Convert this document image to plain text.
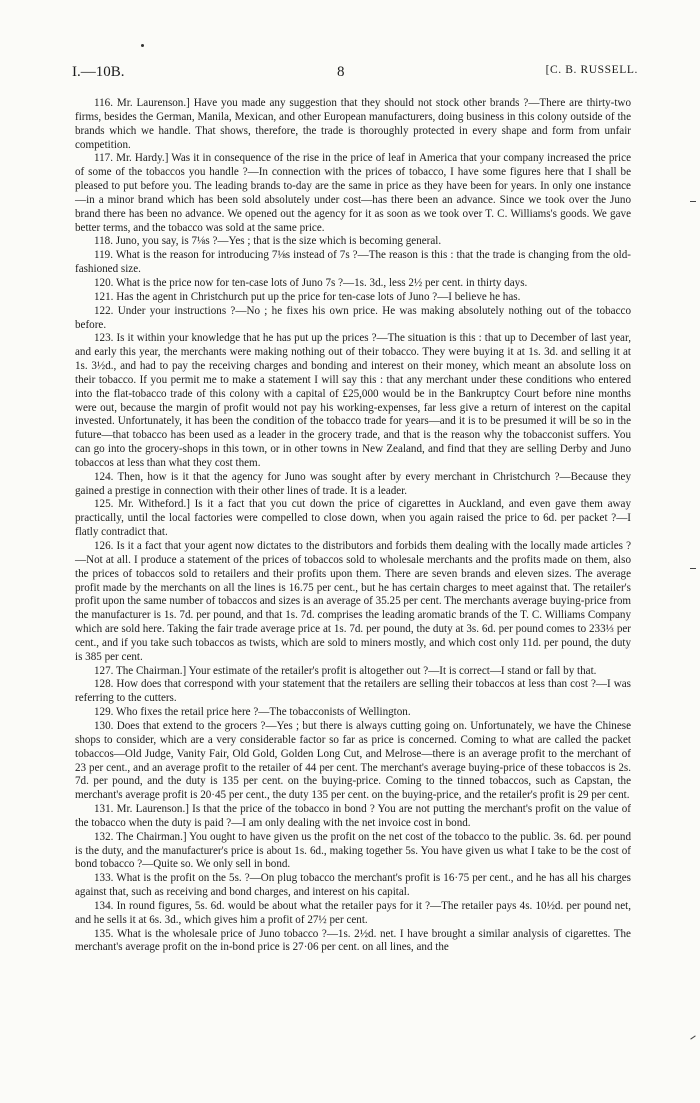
I.—10B.	8	[C. B. RUSSELL.

116. Mr. Laurenson.] Have you made any suggestion that they should not stock other brands ?—There are thirty-two firms, besides the German, Manila, Mexican, and other European manufacturers, doing business in this colony outside of the brands which we handle. That shows, therefore, the trade is thoroughly protected in every shape and form from unfair competition.

117. Mr. Hardy.] Was it in consequence of the rise in the price of leaf in America that your company increased the price of some of the tobaccos you handle ?—In connection with the prices of tobacco, I have some figures here that I shall be pleased to put before you. The leading brands to-day are the same in price as they have been for years. In only one instance—in a minor brand which has been sold absolutely under cost—has there been an advance. Since we took over the Juno brand there has been no advance. We opened out the agency for it as soon as we took over T. C. Williams's goods. We gave better terms, and the tobacco was sold at the same price.

118. Juno, you say, is 7⅛s ?—Yes ; that is the size which is becoming general.

119. What is the reason for introducing 7⅛s instead of 7s ?—The reason is this : that the trade is changing from the old-fashioned size.

120. What is the price now for ten-case lots of Juno 7s ?—1s. 3d., less 2½ per cent. in thirty days.

121. Has the agent in Christchurch put up the price for ten-case lots of Juno ?—I believe he has.

122. Under your instructions ?—No ; he fixes his own price. He was making absolutely nothing out of the tobacco before.

123. Is it within your knowledge that he has put up the prices ?—The situation is this : that up to December of last year, and early this year, the merchants were making nothing out of their tobacco. They were buying it at 1s. 3d. and selling it at 1s. 3½d., and had to pay the receiving charges and bonding and interest on their money, which meant an absolute loss on their tobacco. If you permit me to make a statement I will say this : that any merchant under these conditions who entered into the flat-tobacco trade of this colony with a capital of £25,000 would be in the Bankruptcy Court before nine months were out, because the margin of profit would not pay his working-expenses, far less give a return of interest on the capital invested. Unfortunately, it has been the condition of the tobacco trade for years—and it is to be presumed it will be so in the future—that tobacco has been used as a leader in the grocery trade, and that is the reason why the tobacconist suffers. You can go into the grocery-shops in this town, or in other towns in New Zealand, and find that they are selling Derby and Juno tobaccos at less than what they cost them.

124. Then, how is it that the agency for Juno was sought after by every merchant in Christchurch ?—Because they gained a prestige in connection with their other lines of trade. It is a leader.

125. Mr. Witheford.] Is it a fact that you cut down the price of cigarettes in Auckland, and even gave them away practically, until the local factories were compelled to close down, when you again raised the price to 6d. per packet ?—I flatly contradict that.

126. Is it a fact that your agent now dictates to the distributors and forbids them dealing with the locally made articles ?—Not at all. I produce a statement of the prices of tobaccos sold to wholesale merchants and the profits made on them, also the prices of tobaccos sold to retailers and their profits upon them. There are seven brands and eleven sizes. The average profit made by the merchants on all the lines is 16.75 per cent., but he has certain charges to meet against that. The retailer's profit upon the same number of tobaccos and sizes is an average of 35.25 per cent. The merchants average buying-price from the manufacturer is 1s. 7d. per pound, and that 1s. 7d. comprises the leading aromatic brands of the T. C. Williams Company which are sold here. Taking the fair trade average price at 1s. 7d. per pound, the duty at 3s. 6d. per pound comes to 233⅓ per cent., and if you take such tobaccos as twists, which are sold to miners mostly, and which cost only 11d. per pound, the duty is 385 per cent.

127. The Chairman.] Your estimate of the retailer's profit is altogether out ?—It is correct—I stand or fall by that.

128. How does that correspond with your statement that the retailers are selling their tobaccos at less than cost ?—I was referring to the cutters.

129. Who fixes the retail price here ?—The tobacconists of Wellington.

130. Does that extend to the grocers ?—Yes ; but there is always cutting going on. Unfortunately, we have the Chinese shops to consider, which are a very considerable factor so far as price is concerned. Coming to what are called the packet tobaccos—Old Judge, Vanity Fair, Old Gold, Golden Long Cut, and Melrose—there is an average profit to the merchant of 23 per cent., and an average profit to the retailer of 44 per cent. The merchant's average buying-price of these tobaccos is 2s. 7d. per pound, and the duty is 135 per cent. on the buying-price. Coming to the tinned tobaccos, such as Capstan, the merchant's average profit is 20·45 per cent., the duty 135 per cent. on the buying-price, and the retailer's profit is 29 per cent.

131. Mr. Laurenson.] Is that the price of the tobacco in bond ? You are not putting the merchant's profit on the value of the tobacco when the duty is paid ?—I am only dealing with the net invoice cost in bond.

132. The Chairman.] You ought to have given us the profit on the net cost of the tobacco to the public. 3s. 6d. per pound is the duty, and the manufacturer's price is about 1s. 6d., making together 5s. You have given us what I take to be the cost of bond tobacco ?—Quite so. We only sell in bond.

133. What is the profit on the 5s. ?—On plug tobacco the merchant's profit is 16·75 per cent., and he has all his charges against that, such as receiving and bond charges, and interest on his capital.

134. In round figures, 5s. 6d. would be about what the retailer pays for it ?—The retailer pays 4s. 10½d. per pound net, and he sells it at 6s. 3d., which gives him a profit of 27½ per cent.

135. What is the wholesale price of Juno tobacco ?—1s. 2½d. net. I have brought a similar analysis of cigarettes. The merchant's average profit on the in-bond price is 27·06 per cent. on all lines, and the
